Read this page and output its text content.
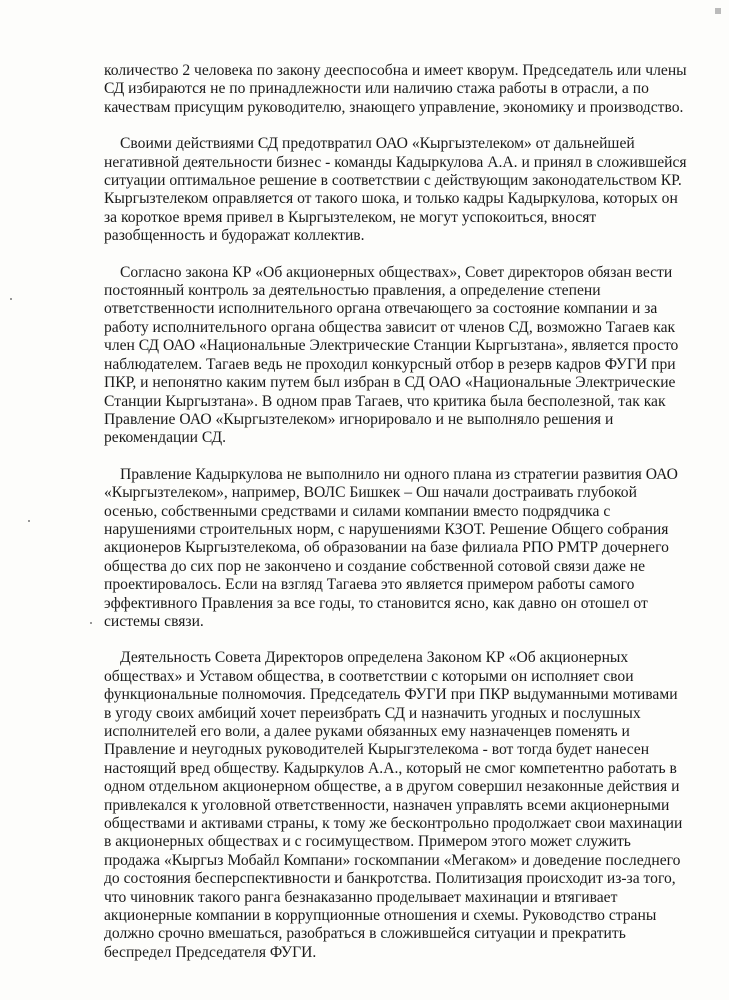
количество 2 человека по закону дееспособна и имеет кворум. Председатель или члены СД избираются не по принадлежности или наличию стажа работы в отрасли, а по качествам присущим руководителю, знающего управление, экономику и производство.

Своими действиями СД предотвратил ОАО «Кыргызтелеком» от дальнейшей негативной деятельности бизнес - команды Кадыркулова А.А. и принял в сложившейся ситуации оптимальное решение в соответствии с действующим законодательством КР. Кыргызтелеком оправляется от такого шока, и только кадры Кадыркулова, которых он за короткое время привел в Кыргызтелеком, не могут успокоиться, вносят разобщенность и будоражат коллектив.

Согласно закона КР «Об акционерных обществах», Совет директоров обязан вести постоянный контроль за деятельностью правления, а определение степени ответственности исполнительного органа отвечающего за состояние компании и за работу исполнительного органа общества зависит от членов СД, возможно Тагаев как член СД ОАО «Национальные Электрические Станции Кыргызтана», является просто наблюдателем. Тагаев ведь не проходил конкурсный отбор в резерв кадров ФУГИ при ПКР, и непонятно каким путем был избран в СД ОАО «Национальные Электрические Станции Кыргызтана». В одном прав Тагаев, что критика была бесполезной, так как Правление ОАО «Кыргызтелеком» игнорировало и не выполняло решения и рекомендации СД.

Правление Кадыркулова не выполнило ни одного плана из стратегии развития ОАО «Кыргызтелеком», например, ВОЛС Бишкек – Ош начали достраивать глубокой осенью, собственными средствами и силами компании вместо подрядчика с нарушениями строительных норм, с нарушениями КЗОТ. Решение Общего собрания акционеров Кыргызтелекома, об образовании на базе филиала РПО РМТР дочернего общества до сих пор не закончено и создание собственной сотовой связи даже не проектировалось. Если на взгляд Тагаева это является примером работы самого эффективного Правления за все годы, то становится ясно, как давно он отошел от системы связи.

Деятельность Совета Директоров определена Законом КР «Об акционерных обществах» и Уставом общества, в соответствии с которыми он исполняет свои функциональные полномочия. Председатель ФУГИ при ПКР выдуманными мотивами в угоду своих амбиций хочет переизбрать СД и назначить угодных и послушных исполнителей его воли, а далее руками обязанных ему назначенцев поменять и Правление и неугодных руководителей Кырыгзтелекома - вот тогда будет нанесен настоящий вред обществу. Кадыркулов А.А., который не смог компетентно работать в одном отдельном акционерном обществе, а в другом совершил незаконные действия и привлекался к уголовной ответственности, назначен управлять всеми акционерными обществами и активами страны, к тому же бесконтрольно продолжает свои махинации в акционерных обществах и с госимуществом. Примером этого может служить продажа «Кыргыз Мобайл Компани» госкомпании «Мегаком» и доведение последнего до состояния бесперспективности и банкротства. Политизация происходит из-за того, что чиновник такого ранга безнаказанно проделывает махинации и втягивает акционерные компании в коррупционные отношения и схемы. Руководство страны должно срочно вмешаться, разобраться в сложившейся ситуации и прекратить беспредел Председателя ФУГИ.
